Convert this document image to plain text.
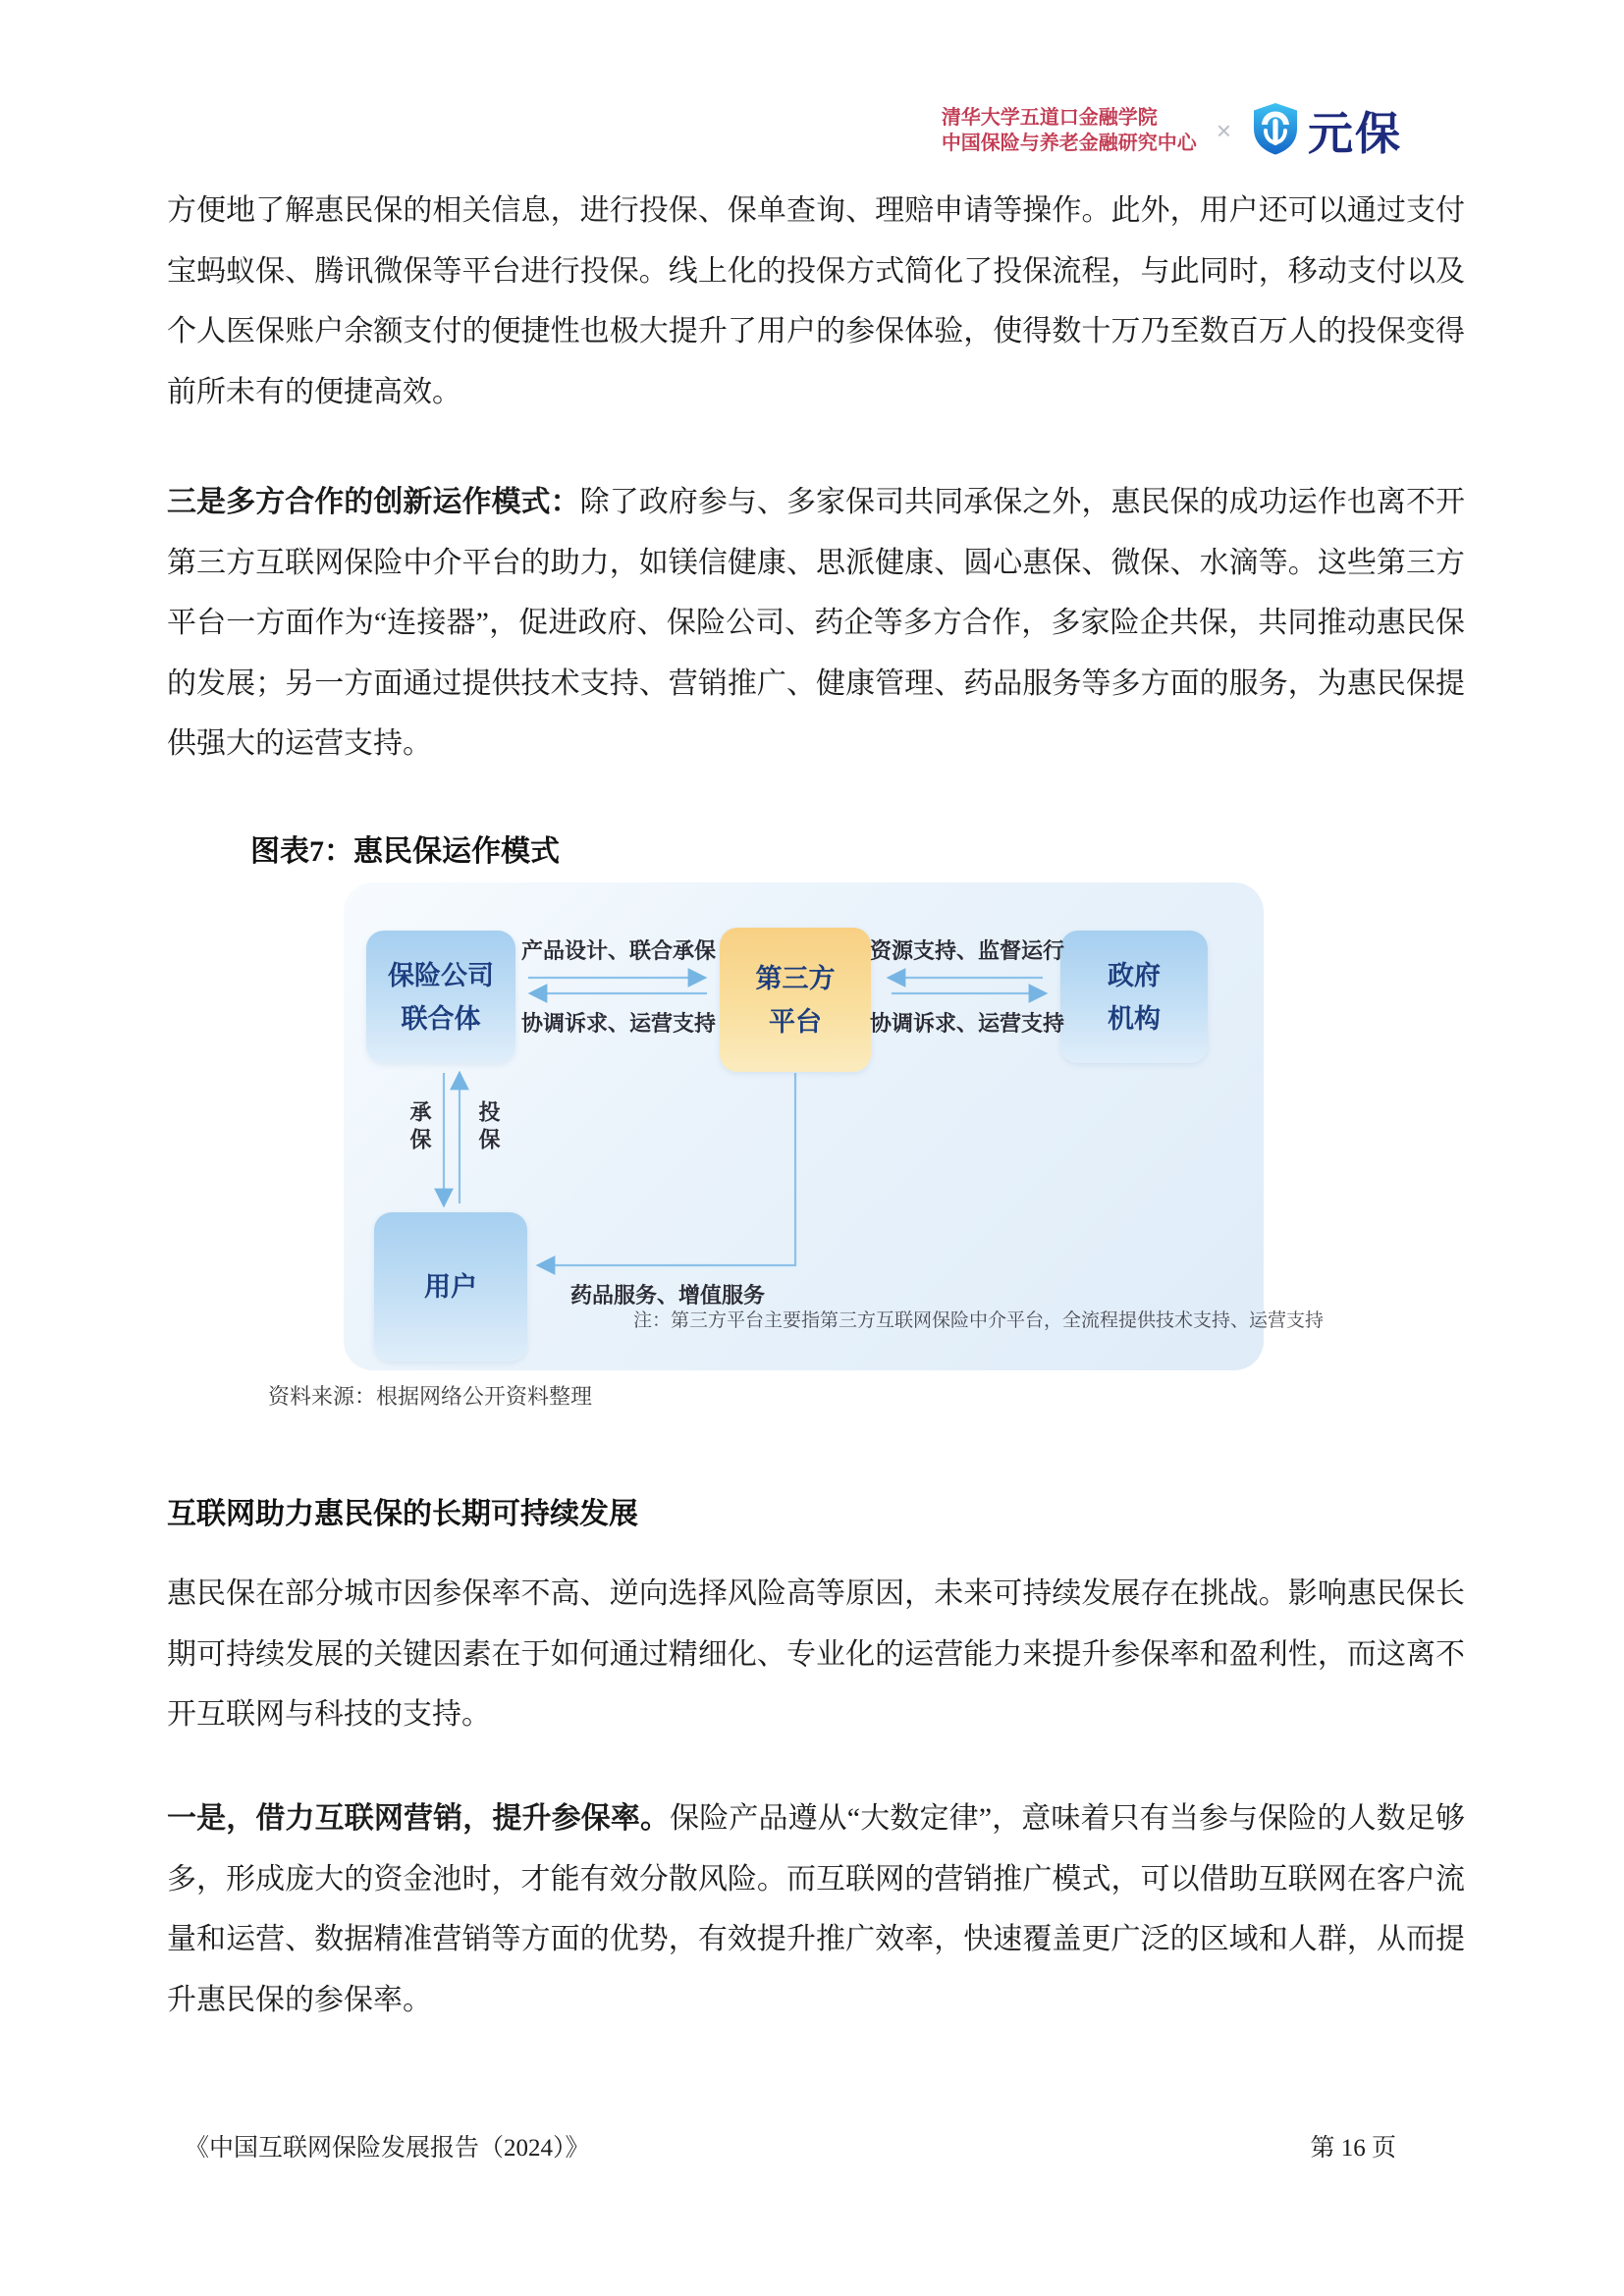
清华大学五道口金融学院
中国保险与养老金融研究中心 × 元保
方便地了解惠民保的相关信息，进行投保、保单查询、理赔申请等操作。此外，用户还可以通过支付宝蚂蚁保、腾讯微保等平台进行投保。线上化的投保方式简化了投保流程，与此同时，移动支付以及个人医保账户余额支付的便捷性也极大提升了用户的参保体验，使得数十万乃至数百万人的投保变得前所未有的便捷高效。
三是多方合作的创新运作模式：除了政府参与、多家保司共同承保之外，惠民保的成功运作也离不开第三方互联网保险中介平台的助力，如镁信健康、思派健康、圆心惠保、微保、水滴等。这些第三方平台一方面作为“连接器”，促进政府、保险公司、药企等多方合作，多家险企共保，共同推动惠民保的发展；另一方面通过提供技术支持、营销推广、健康管理、药品服务等多方面的服务，为惠民保提供强大的运营支持。
图表7：惠民保运作模式
保险公司
联合体
第三方
平台
政府
机构
用户
产品设计、联合承保
协调诉求、运营支持
资源支持、监督运行
协调诉求、运营支持
承保 投保
药品服务、增值服务
注：第三方平台主要指第三方互联网保险中介平台，全流程提供技术支持、运营支持
资料来源：根据网络公开资料整理
互联网助力惠民保的长期可持续发展
惠民保在部分城市因参保率不高、逆向选择风险高等原因，未来可持续发展存在挑战。影响惠民保长期可持续发展的关键因素在于如何通过精细化、专业化的运营能力来提升参保率和盈利性，而这离不开互联网与科技的支持。
一是，借力互联网营销，提升参保率。保险产品遵从“大数定律”，意味着只有当参与保险的人数足够多，形成庞大的资金池时，才能有效分散风险。而互联网的营销推广模式，可以借助互联网在客户流量和运营、数据精准营销等方面的优势，有效提升推广效率，快速覆盖更广泛的区域和人群，从而提升惠民保的参保率。
《中国互联网保险发展报告（2024）》	第 16 页
